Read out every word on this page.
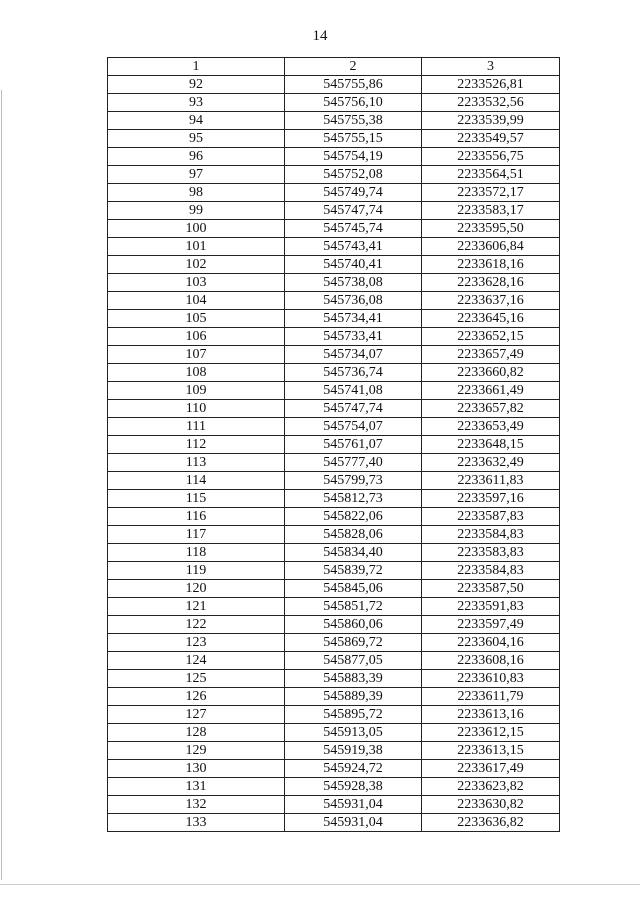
14
1	2	3
92	545755,86	2233526,81
93	545756,10	2233532,56
94	545755,38	2233539,99
95	545755,15	2233549,57
96	545754,19	2233556,75
97	545752,08	2233564,51
98	545749,74	2233572,17
99	545747,74	2233583,17
100	545745,74	2233595,50
101	545743,41	2233606,84
102	545740,41	2233618,16
103	545738,08	2233628,16
104	545736,08	2233637,16
105	545734,41	2233645,16
106	545733,41	2233652,15
107	545734,07	2233657,49
108	545736,74	2233660,82
109	545741,08	2233661,49
110	545747,74	2233657,82
111	545754,07	2233653,49
112	545761,07	2233648,15
113	545777,40	2233632,49
114	545799,73	2233611,83
115	545812,73	2233597,16
116	545822,06	2233587,83
117	545828,06	2233584,83
118	545834,40	2233583,83
119	545839,72	2233584,83
120	545845,06	2233587,50
121	545851,72	2233591,83
122	545860,06	2233597,49
123	545869,72	2233604,16
124	545877,05	2233608,16
125	545883,39	2233610,83
126	545889,39	2233611,79
127	545895,72	2233613,16
128	545913,05	2233612,15
129	545919,38	2233613,15
130	545924,72	2233617,49
131	545928,38	2233623,82
132	545931,04	2233630,82
133	545931,04	2233636,82
